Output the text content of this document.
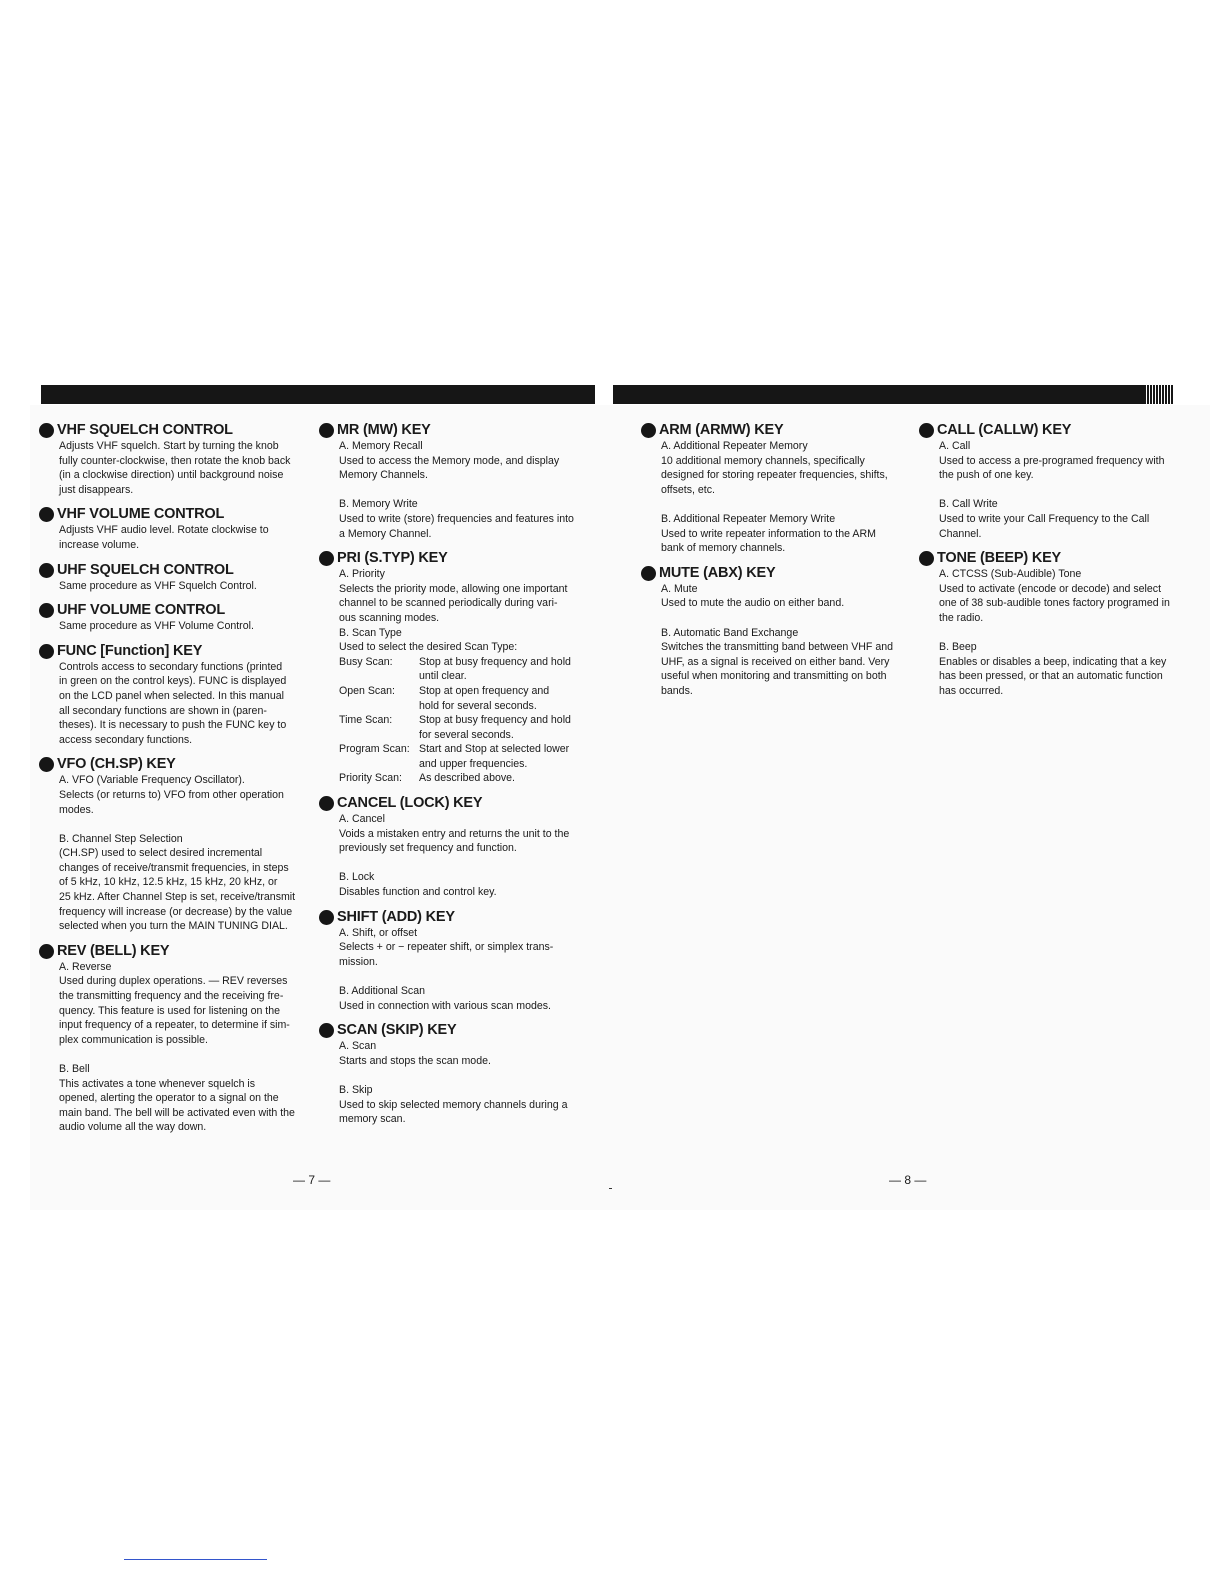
VHF SQUELCH CONTROL
Adjusts VHF squelch. Start by turning the knob
fully counter-clockwise, then rotate the knob back
(in a clockwise direction) until background noise
just disappears.
VHF VOLUME CONTROL
Adjusts VHF audio level. Rotate clockwise to
increase volume.
UHF SQUELCH CONTROL
Same procedure as VHF Squelch Control.
UHF VOLUME CONTROL
Same procedure as VHF Volume Control.
FUNC [Function] KEY
Controls access to secondary functions (printed
in green on the control keys). FUNC is displayed
on the LCD panel when selected. In this manual
all secondary functions are shown in (paren-
theses). It is necessary to push the FUNC key to
access secondary functions.
VFO (CH.SP) KEY
A. VFO (Variable Frequency Oscillator).
Selects (or returns to) VFO from other operation
modes.
B. Channel Step Selection
(CH.SP) used to select desired incremental
changes of receive/transmit frequencies, in steps
of 5 kHz, 10 kHz, 12.5 kHz, 15 kHz, 20 kHz, or
25 kHz. After Channel Step is set, receive/transmit
frequency will increase (or decrease) by the value
selected when you turn the MAIN TUNING DIAL.
REV (BELL) KEY
A. Reverse
Used during duplex operations. — REV reverses
the transmitting frequency and the receiving fre-
quency. This feature is used for listening on the
input frequency of a repeater, to determine if sim-
plex communication is possible.
B. Bell
This activates a tone whenever squelch is
opened, alerting the operator to a signal on the
main band. The bell will be activated even with the
audio volume all the way down.
MR (MW) KEY
A. Memory Recall
Used to access the Memory mode, and display
Memory Channels.
B. Memory Write
Used to write (store) frequencies and features into
a Memory Channel.
PRI (S.TYP) KEY
A. Priority
Selects the priority mode, allowing one important
channel to be scanned periodically during vari-
ous scanning modes.
B. Scan Type
Used to select the desired Scan Type:
Busy Scan:	Stop at busy frequency and hold
until clear.
Open Scan:	Stop at open frequency and
hold for several seconds.
Time Scan:	Stop at busy frequency and hold
for several seconds.
Program Scan: Start and Stop at selected lower
and upper frequencies.
Priority Scan:	As described above.
CANCEL (LOCK) KEY
A. Cancel
Voids a mistaken entry and returns the unit to the
previously set frequency and function.
B. Lock
Disables function and control key.
SHIFT (ADD) KEY
A. Shift, or offset
Selects + or − repeater shift, or simplex trans-
mission.
B. Additional Scan
Used in connection with various scan modes.
SCAN (SKIP) KEY
A. Scan
Starts and stops the scan mode.
B. Skip
Used to skip selected memory channels during a
memory scan.
ARM (ARMW) KEY
A. Additional Repeater Memory
10 additional memory channels, specifically
designed for storing repeater frequencies, shifts,
offsets, etc.
B. Additional Repeater Memory Write
Used to write repeater information to the ARM
bank of memory channels.
MUTE (ABX) KEY
A. Mute
Used to mute the audio on either band.
B. Automatic Band Exchange
Switches the transmitting band between VHF and
UHF, as a signal is received on either band. Very
useful when monitoring and transmitting on both
bands.
CALL (CALLW) KEY
A. Call
Used to access a pre-programed frequency with
the push of one key.
B. Call Write
Used to write your Call Frequency to the Call
Channel.
TONE (BEEP) KEY
A. CTCSS (Sub-Audible) Tone
Used to activate (encode or decode) and select
one of 38 sub-audible tones factory programed in
the radio.
B. Beep
Enables or disables a beep, indicating that a key
has been pressed, or that an automatic function
has occurred.
— 7 —	— 8 —
